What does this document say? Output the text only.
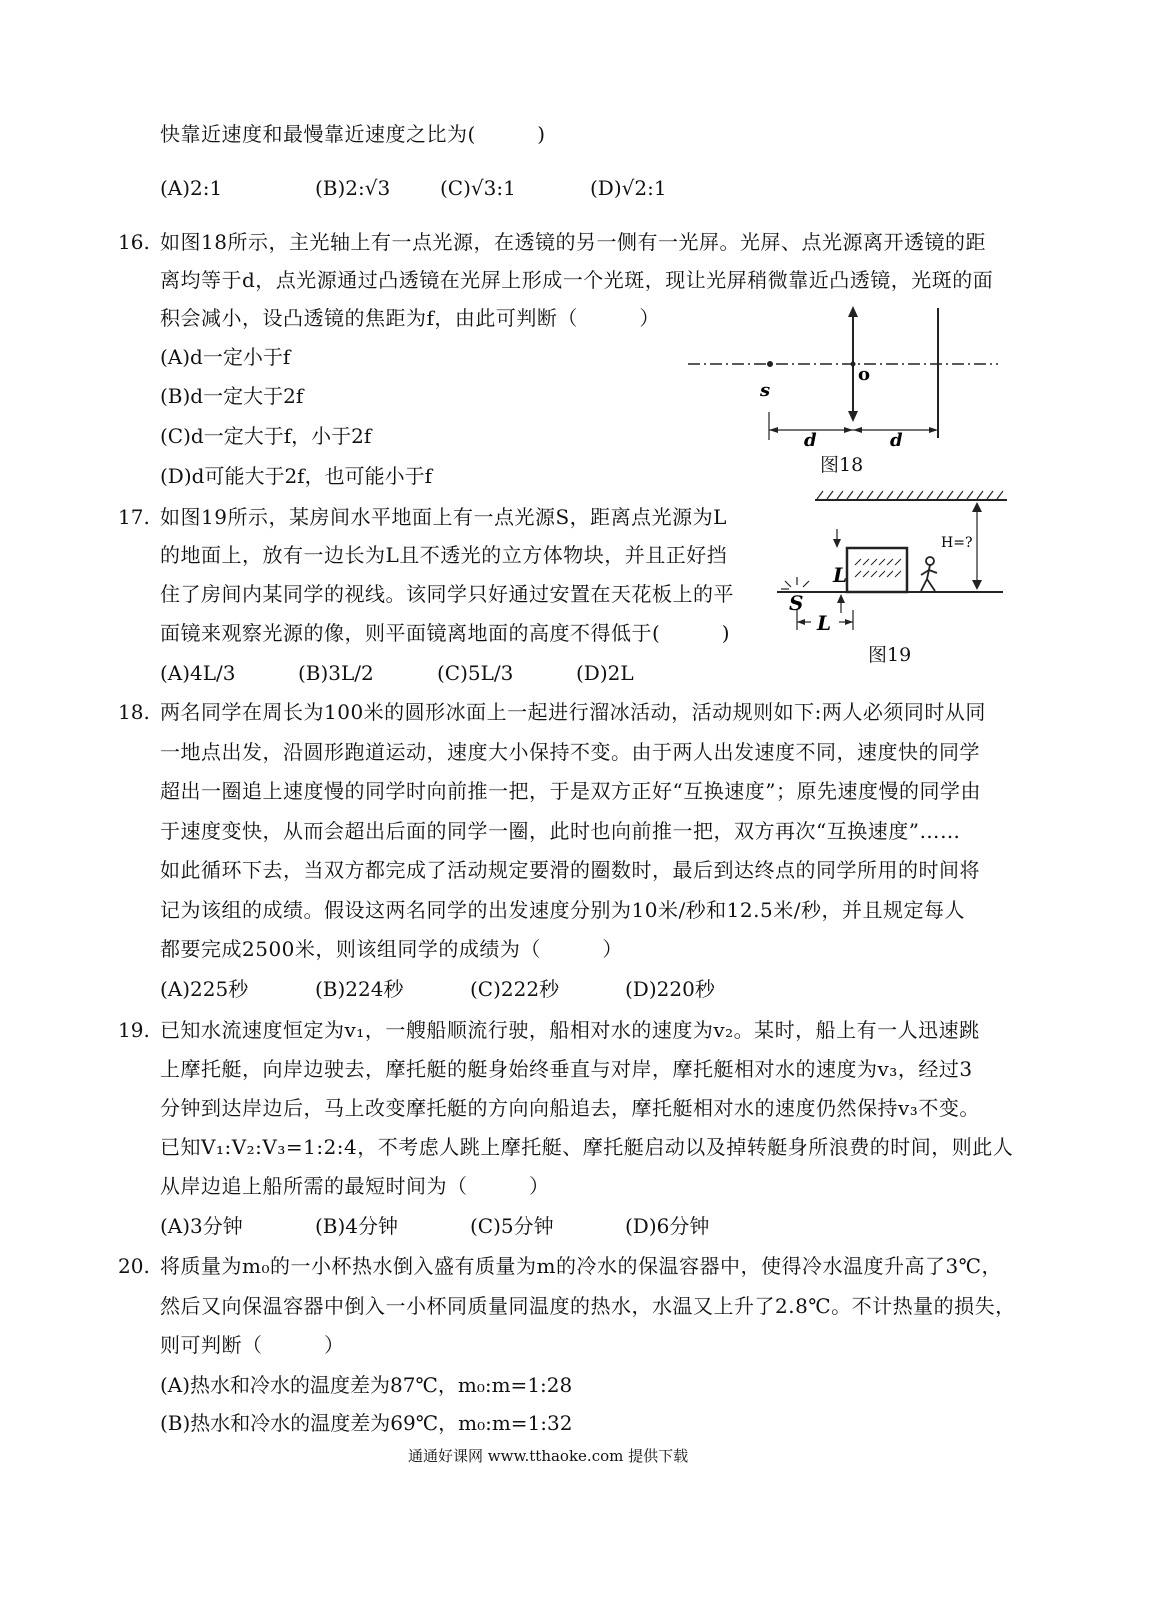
快靠近速度和最慢靠近速度之比为(　　　)
(A)2:1	(B)2:√3 (C)√3:1	(D)√2:1
16. 如图18所示，主光轴上有一点光源，在透镜的另一侧有一光屏。光屏、点光源离开透镜的距
离均等于d，点光源通过凸透镜在光屏上形成一个光斑，现让光屏稍微靠近凸透镜，光斑的面
积会减小，设凸透镜的焦距为f，由此可判断（　　　）
(A)d一定小于f
(B)d一定大于2f
(C)d一定大于f，小于2f
(D)d可能大于2f，也可能小于f
s
o
d	d
图18
17. 如图19所示，某房间水平地面上有一点光源S，距离点光源为L
的地面上，放有一边长为L且不透光的立方体物块，并且正好挡
住了房间内某同学的视线。该同学只好通过安置在天花板上的平
面镜来观察光源的像，则平面镜离地面的高度不得低于(　　　)
(A)4L/3	(B)3L/2	(C)5L/3	(D)2L
H=?
L
S
L
图19
18. 两名同学在周长为100米的圆形冰面上一起进行溜冰活动，活动规则如下:两人必须同时从同
一地点出发，沿圆形跑道运动，速度大小保持不变。由于两人出发速度不同，速度快的同学
超出一圈追上速度慢的同学时向前推一把，于是双方正好“互换速度”；原先速度慢的同学由
于速度变快，从而会超出后面的同学一圈，此时也向前推一把，双方再次“互换速度”……
如此循环下去，当双方都完成了活动规定要滑的圈数时，最后到达终点的同学所用的时间将
记为该组的成绩。假设这两名同学的出发速度分别为10米/秒和12.5米/秒，并且规定每人
都要完成2500米，则该组同学的成绩为（　　　）
(A)225秒	(B)224秒	(C)222秒	(D)220秒
19. 已知水流速度恒定为v₁，一艘船顺流行驶，船相对水的速度为v₂。某时，船上有一人迅速跳
上摩托艇，向岸边驶去，摩托艇的艇身始终垂直与对岸，摩托艇相对水的速度为v₃，经过3
分钟到达岸边后，马上改变摩托艇的方向向船追去，摩托艇相对水的速度仍然保持v₃不变。
已知V₁:V₂:V₃=1:2:4，不考虑人跳上摩托艇、摩托艇启动以及掉转艇身所浪费的时间，则此人
从岸边追上船所需的最短时间为（　　　）
(A)3分钟	(B)4分钟	(C)5分钟	(D)6分钟
20. 将质量为m₀的一小杯热水倒入盛有质量为m的冷水的保温容器中，使得冷水温度升高了3℃，
然后又向保温容器中倒入一小杯同质量同温度的热水，水温又上升了2.8℃。不计热量的损失，
则可判断（　　　）
(A)热水和冷水的温度差为87℃，m₀:m=1:28
(B)热水和冷水的温度差为69℃，m₀:m=1:32
通通好课网 www.tthaoke.com 提供下载
